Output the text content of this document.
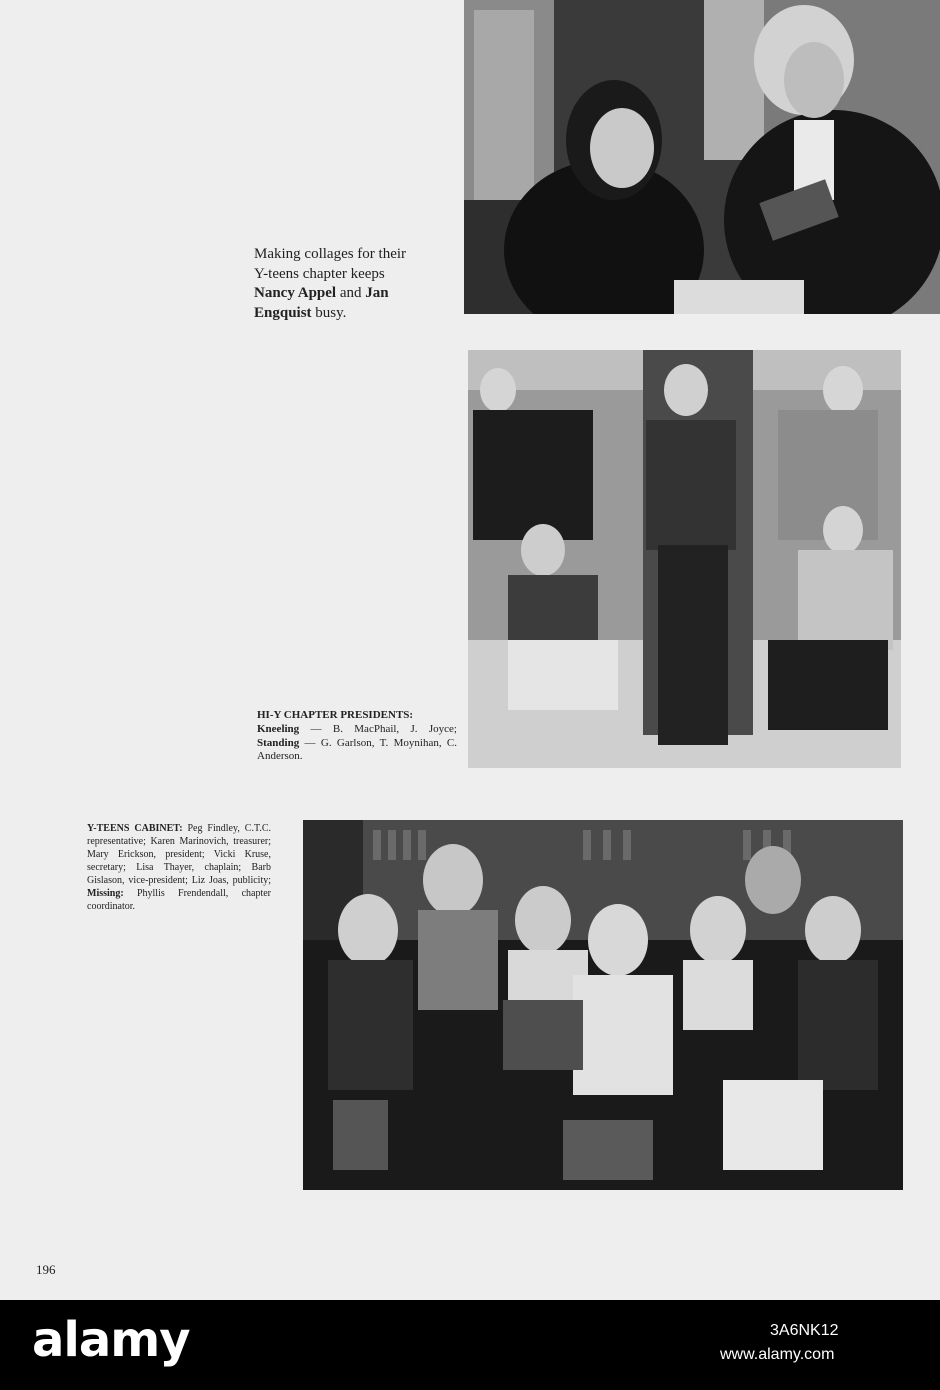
Making collages for their
Y-teens chapter keeps
Nancy Appel and Jan
Engquist busy.
HI-Y CHAPTER PRESIDENTS:
Kneeling — B. MacPhail, J. Joyce; Standing — G. Garlson, T. Moynihan, C. Anderson.
Y-TEENS CABINET: Peg Findley, C.T.C. representative; Karen Marinovich, treasurer; Mary Erickson, president; Vicki Kruse, secretary; Lisa Thayer, chaplain; Barb Gislason, vice-president; Liz Joas, publicity; Missing: Phyllis Frendendall, chapter coordinator.
196
alamy	3A6NK12
www.alamy.com
